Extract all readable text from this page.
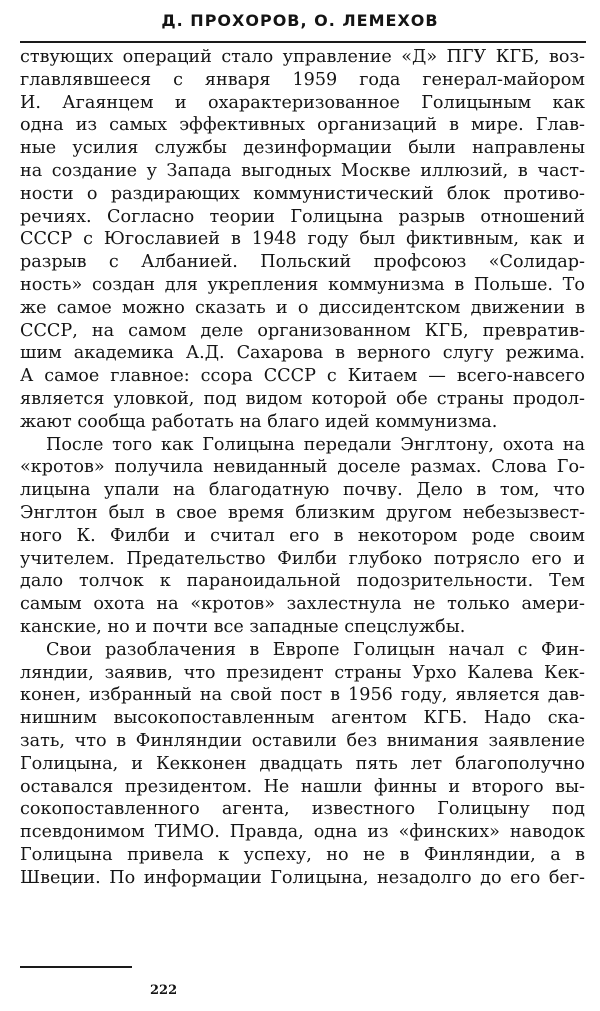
Д. ПРОХОРОВ, О. ЛЕМЕХОВ

ствующих операций стало управление «Д» ПГУ КГБ, воз-
главлявшееся с января 1959 года генерал-майором
И. Агаянцем и охарактеризованное Голицыным как
одна из самых эффективных организаций в мире. Глав-
ные усилия службы дезинформации были направлены
на создание у Запада выгодных Москве иллюзий, в част-
ности о раздирающих коммунистический блок противо-
речиях. Согласно теории Голицына разрыв отношений
СССР с Югославией в 1948 году был фиктивным, как и
разрыв с Албанией. Польский профсоюз «Солидар-
ность» создан для укрепления коммунизма в Польше. То
же самое можно сказать и о диссидентском движении в
СССР, на самом деле организованном КГБ, превратив-
шим академика А.Д. Сахарова в верного слугу режима.
А самое главное: ссора СССР с Китаем — всего-навсего
является уловкой, под видом которой обе страны продол-
жают сообща работать на благо идей коммунизма.

После того как Голицына передали Энглтону, охота на
«кротов» получила невиданный доселе размах. Слова Го-
лицына упали на благодатную почву. Дело в том, что
Энглтон был в свое время близким другом небезызвест-
ного К. Филби и считал его в некотором роде своим
учителем. Предательство Филби глубоко потрясло его и
дало толчок к параноидальной подозрительности. Тем
самым охота на «кротов» захлестнула не только амери-
канские, но и почти все западные спецслужбы.

Свои разоблачения в Европе Голицын начал с Фин-
ляндии, заявив, что президент страны Урхо Калева Кек-
конен, избранный на свой пост в 1956 году, является дав-
нишним высокопоставленным агентом КГБ. Надо ска-
зать, что в Финляндии оставили без внимания заявление
Голицына, и Кекконен двадцать пять лет благополучно
оставался президентом. Не нашли финны и второго вы-
сокопоставленного агента, известного Голицыну под
псевдонимом ТИМО. Правда, одна из «финских» наводок
Голицына привела к успеху, но не в Финляндии, а в
Швеции. По информации Голицына, незадолго до его бег-

222
